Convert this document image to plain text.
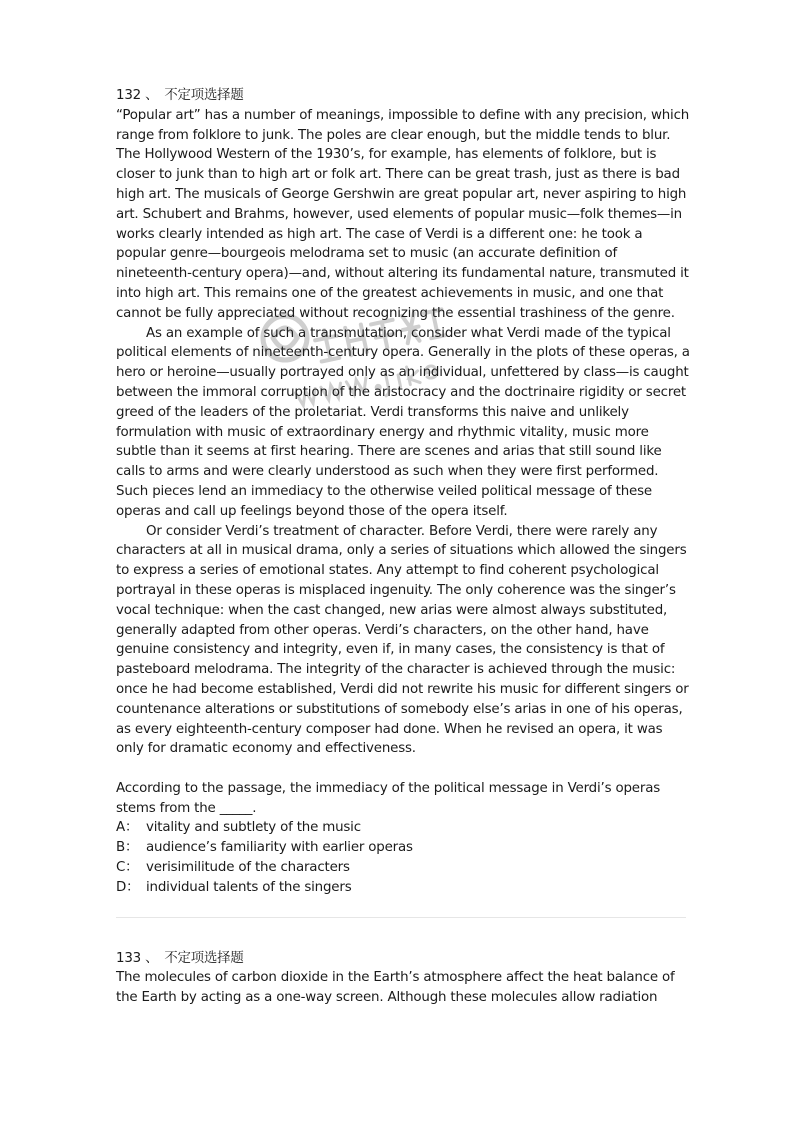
132 、 不定项选择题

“Popular art” has a number of meanings, impossible to define with any precision, which range from folklore to junk. The poles are clear enough, but the middle tends to blur. The Hollywood Western of the 1930’s, for example, has elements of folklore, but is closer to junk than to high art or folk art. There can be great trash, just as there is bad high art. The musicals of George Gershwin are great popular art, never aspiring to high art. Schubert and Brahms, however, used elements of popular music—folk themes—in works clearly intended as high art. The case of Verdi is a different one: he took a popular genre—bourgeois melodrama set to music (an accurate definition of nineteenth-century opera)—and, without altering its fundamental nature, transmuted it into high art. This remains one of the greatest achievements in music, and one that cannot be fully appreciated without recognizing the essential trashiness of the genre.

As an example of such a transmutation, consider what Verdi made of the typical political elements of nineteenth-century opera. Generally in the plots of these operas, a hero or heroine—usually portrayed only as an individual, unfettered by class—is caught between the immoral corruption of the aristocracy and the doctrinaire rigidity or secret greed of the leaders of the proletariat. Verdi transforms this naive and unlikely formulation with music of extraordinary energy and rhythmic vitality, music more subtle than it seems at first hearing. There are scenes and arias that still sound like calls to arms and were clearly understood as such when they were first performed. Such pieces lend an immediacy to the otherwise veiled political message of these operas and call up feelings beyond those of the opera itself.

Or consider Verdi’s treatment of character. Before Verdi, there were rarely any characters at all in musical drama, only a series of situations which allowed the singers to express a series of emotional states. Any attempt to find coherent psychological portrayal in these operas is misplaced ingenuity. The only coherence was the singer’s vocal technique: when the cast changed, new arias were almost always substituted, generally adapted from other operas. Verdi’s characters, on the other hand, have genuine consistency and integrity, even if, in many cases, the consistency is that of pasteboard melodrama. The integrity of the character is achieved through the music: once he had become established, Verdi did not rewrite his music for different singers or countenance alterations or substitutions of somebody else’s arias in one of his operas, as every eighteenth-century composer had done. When he revised an opera, it was only for dramatic economy and effectiveness.

According to the passage, the immediacy of the political message in Verdi’s operas stems from the _____.

A： vitality and subtlety of the music
B： audience’s familiarity with earlier operas
C： verisimilitude of the characters
D： individual talents of the singers

133 、 不定项选择题

The molecules of carbon dioxide in the Earth’s atmosphere affect the heat balance of the Earth by acting as a one-way screen. Although these molecules allow radiation
